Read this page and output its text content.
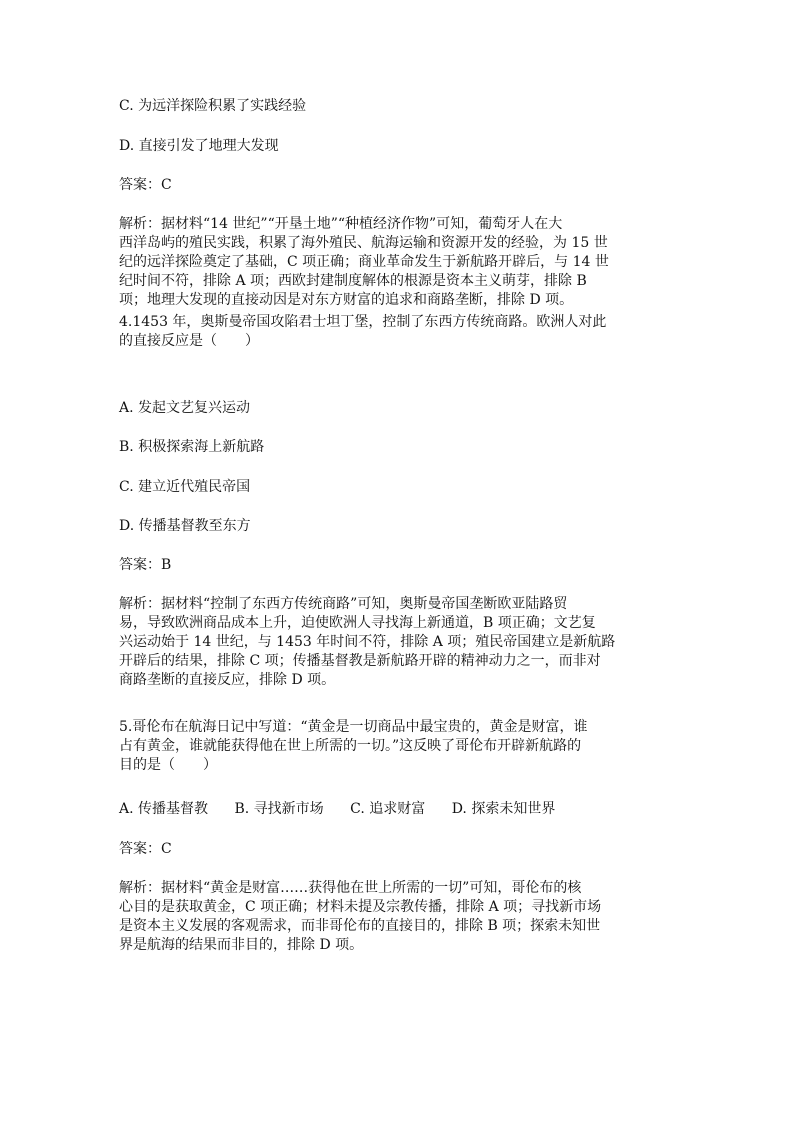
C. 为远洋探险积累了实践经验
D. 直接引发了地理大发现
答案：C
解析：据材料“14 世纪”“开垦土地”“种植经济作物”可知，葡萄牙人在大
西洋岛屿的殖民实践，积累了海外殖民、航海运输和资源开发的经验，为 15 世
纪的远洋探险奠定了基础，C 项正确；商业革命发生于新航路开辟后，与 14 世
纪时间不符，排除 A 项；西欧封建制度解体的根源是资本主义萌芽，排除 B
项；地理大发现的直接动因是对东方财富的追求和商路垄断，排除 D 项。
4.1453 年，奥斯曼帝国攻陷君士坦丁堡，控制了东西方传统商路。欧洲人对此
的直接反应是（　　）
A. 发起文艺复兴运动
B. 积极探索海上新航路
C. 建立近代殖民帝国
D. 传播基督教至东方
答案：B
解析：据材料“控制了东西方传统商路”可知，奥斯曼帝国垄断欧亚陆路贸
易，导致欧洲商品成本上升，迫使欧洲人寻找海上新通道，B 项正确；文艺复
兴运动始于 14 世纪，与 1453 年时间不符，排除 A 项；殖民帝国建立是新航路
开辟后的结果，排除 C 项；传播基督教是新航路开辟的精神动力之一，而非对
商路垄断的直接反应，排除 D 项。
5.哥伦布在航海日记中写道：“黄金是一切商品中最宝贵的，黄金是财富，谁
占有黄金，谁就能获得他在世上所需的一切。”这反映了哥伦布开辟新航路的
目的是（　　）
A. 传播基督教 B. 寻找新市场 C. 追求财富 D. 探索未知世界
答案：C
解析：据材料“黄金是财富……获得他在世上所需的一切”可知，哥伦布的核
心目的是获取黄金，C 项正确；材料未提及宗教传播，排除 A 项；寻找新市场
是资本主义发展的客观需求，而非哥伦布的直接目的，排除 B 项；探索未知世
界是航海的结果而非目的，排除 D 项。
